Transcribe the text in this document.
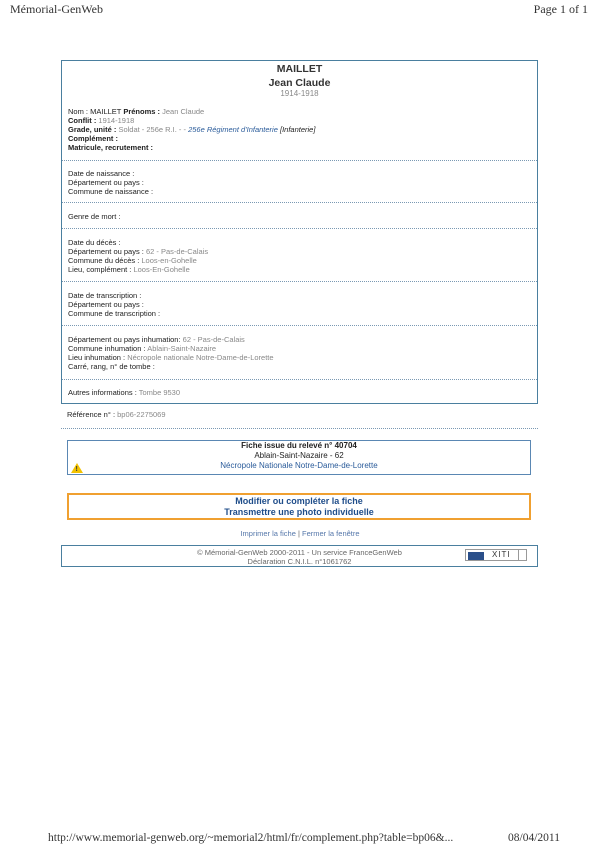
Mémorial-GenWeb	Page 1 of 1
MAILLET
Jean Claude
1914-1918
Nom : MAILLET Prénoms : Jean Claude
Conflit : 1914-1918
Grade, unité : Soldat - 256e R.I. - - 256e Régiment d'Infanterie [Infanterie]
Complément :
Matricule, recrutement :
Date de naissance :
Département ou pays :
Commune de naissance :
Genre de mort :
Date du décès :
Département ou pays : 62 - Pas-de-Calais
Commune du décès : Loos-en-Gohelle
Lieu, complément : Loos-En-Gohelle
Date de transcription :
Département ou pays :
Commune de transcription :
Département ou pays inhumation: 62 - Pas-de-Calais
Commune inhumation : Ablain-Saint-Nazaire
Lieu inhumation : Nécropole nationale Notre-Dame-de-Lorette
Carré, rang, n° de tombe :
Autres informations : Tombe 9530
Référence n° : bp06-2275069
Fiche issue du relevé n° 40704
Ablain-Saint-Nazaire - 62
Nécropole Nationale Notre-Dame-de-Lorette
!
Modifier ou compléter la fiche
Transmettre une photo individuelle
Imprimer la fiche | Fermer la fenêtre
© Mémorial-GenWeb 2000-2011 - Un service FranceGenWeb
Déclaration C.N.I.L. n°1061762
XITI
http://www.memorial-genweb.org/~memorial2/html/fr/complement.php?table=bp06&...	08/04/2011
